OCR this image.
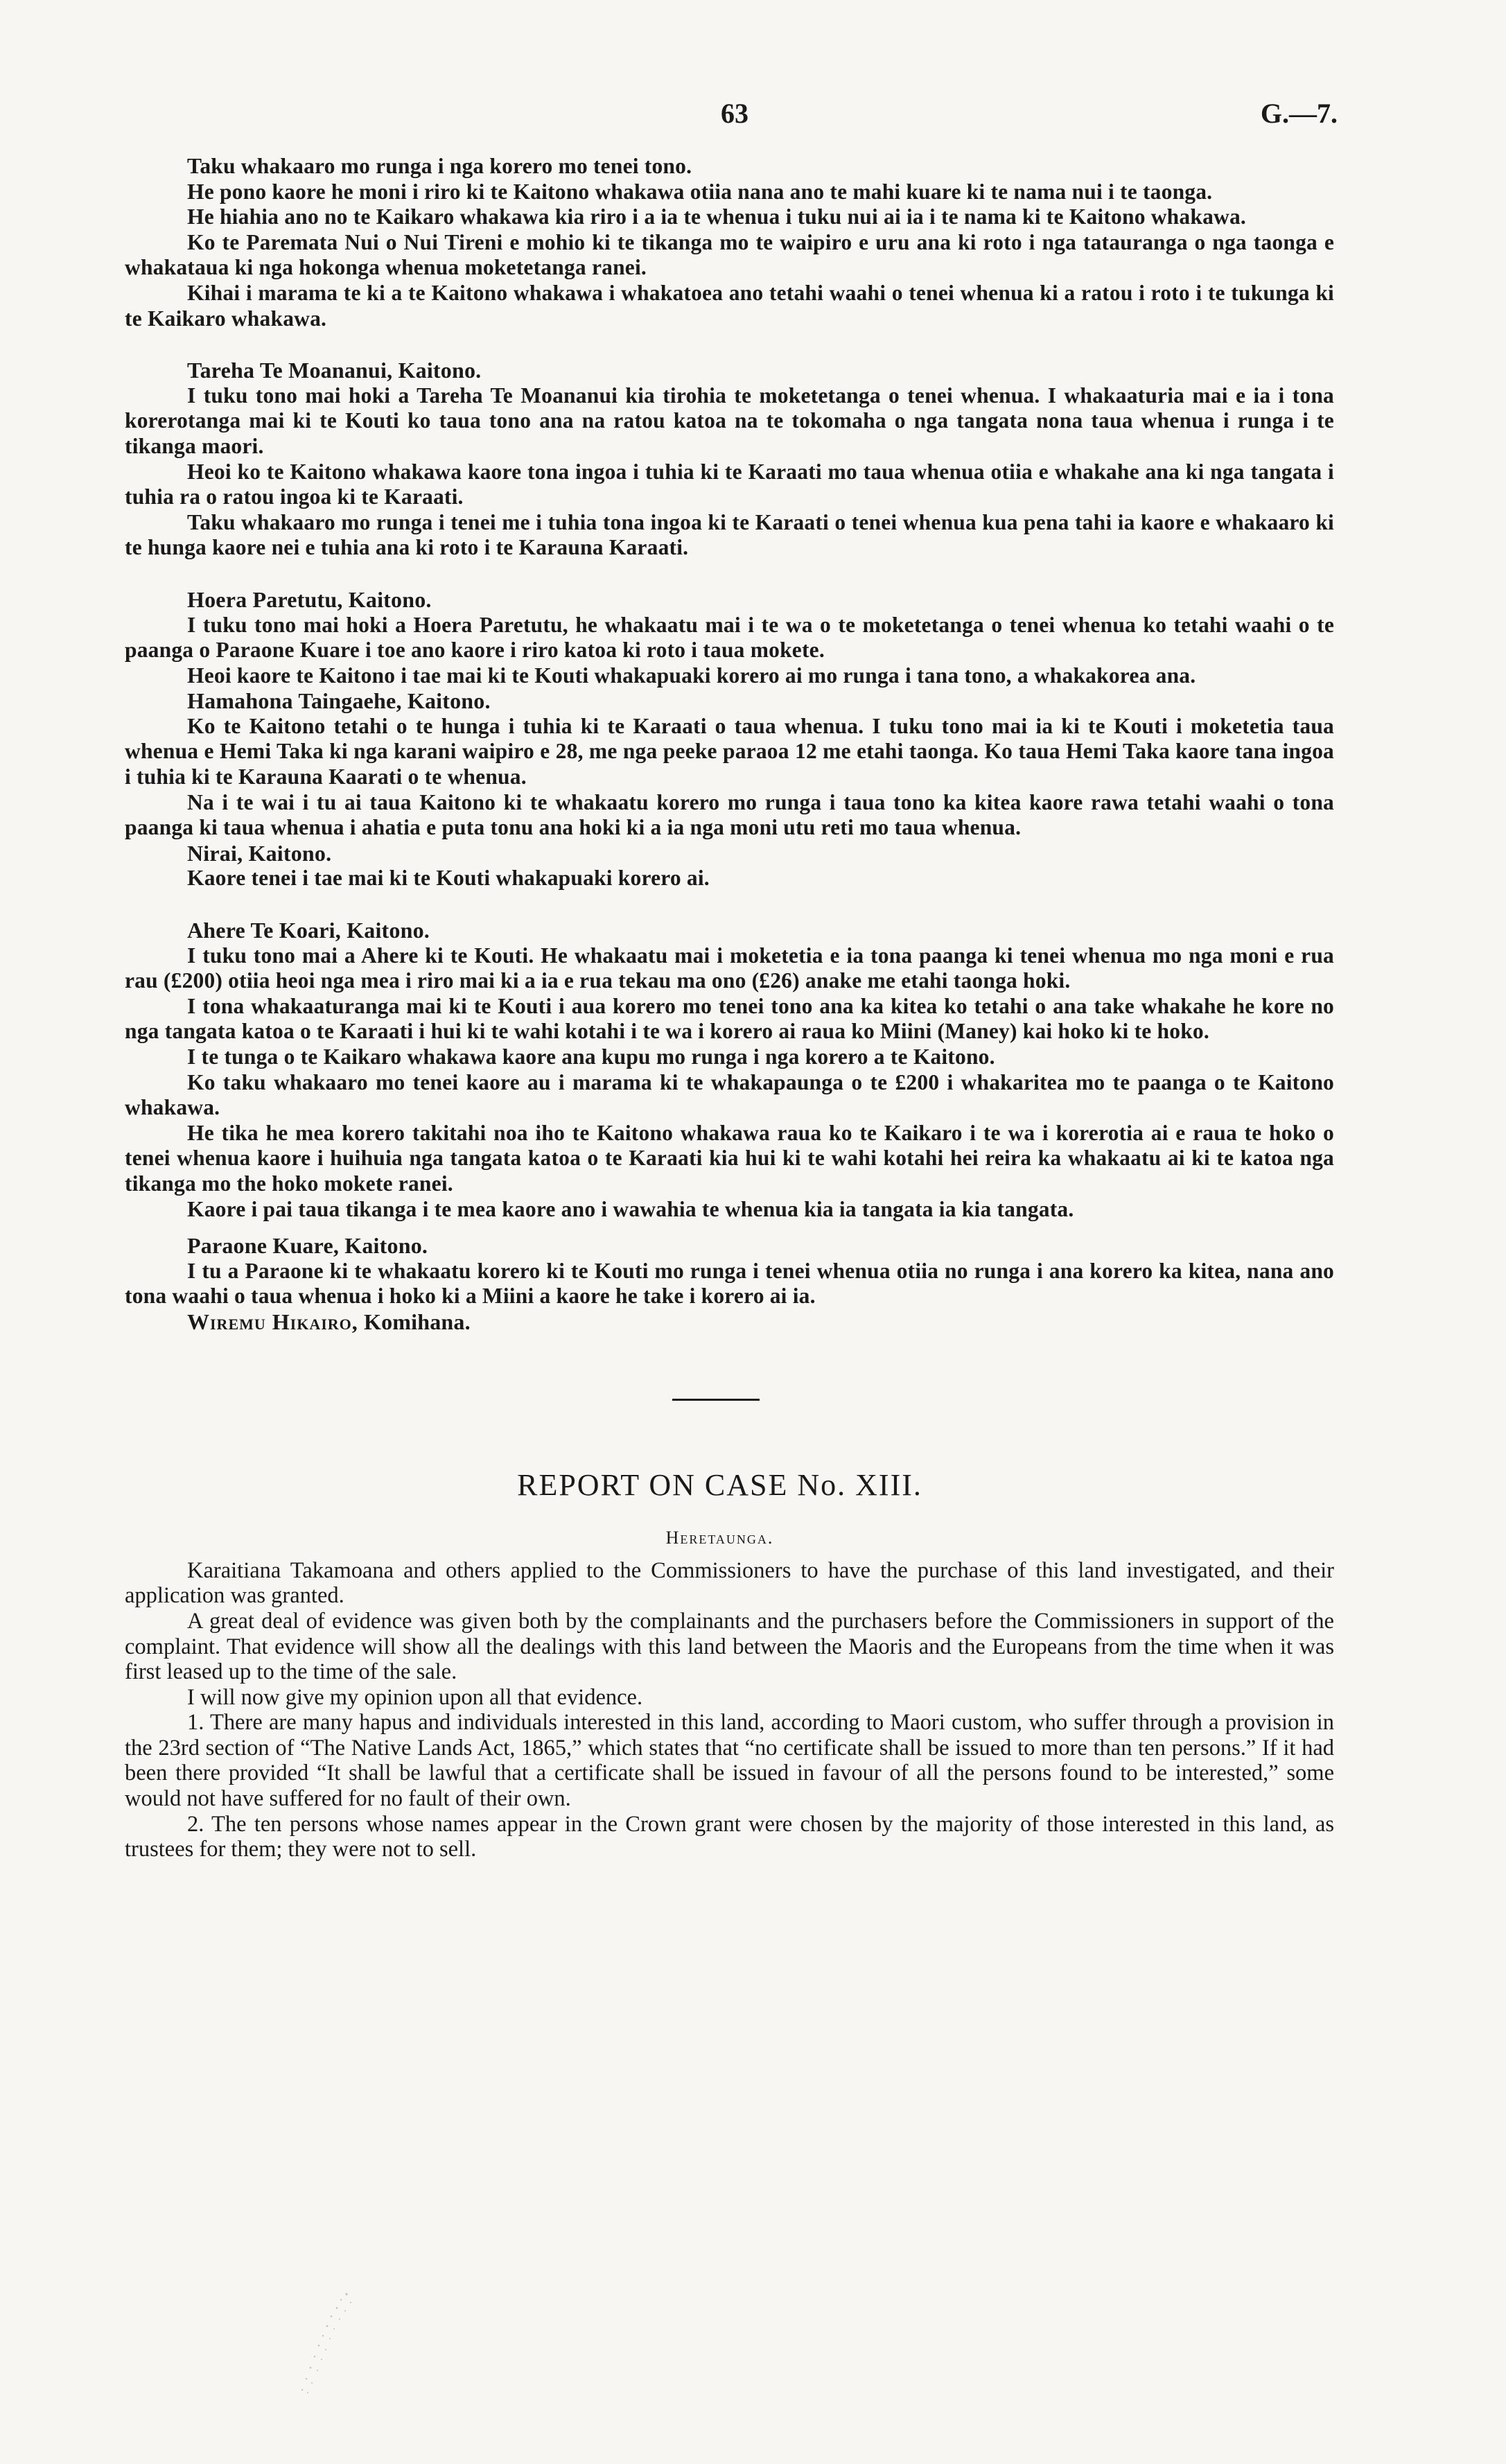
63	G.—7.

Taku whakaaro mo runga i nga korero mo tenei tono.

He pono kaore he moni i riro ki te Kaitono whakawa otiia nana ano te mahi kuare ki te nama nui i te taonga.

He hiahia ano no te Kaikaro whakawa kia riro i a ia te whenua i tuku nui ai ia i te nama ki te Kaitono whakawa.

Ko te Paremata Nui o Nui Tireni e mohio ki te tikanga mo te waipiro e uru ana ki roto i nga tatauranga o nga taonga e whakataua ki nga hokonga whenua moketetanga ranei.

Kihai i marama te ki a te Kaitono whakawa i whakatoea ano tetahi waahi o tenei whenua ki a ratou i roto i te tukunga ki te Kaikaro whakawa.

Tareha Te Moananui, Kaitono.

I tuku tono mai hoki a Tareha Te Moananui kia tirohia te moketetanga o tenei whenua. I whakaaturia mai e ia i tona korerotanga mai ki te Kouti ko taua tono ana na ratou katoa na te tokomaha o nga tangata nona taua whenua i runga i te tikanga maori.

Heoi ko te Kaitono whakawa kaore tona ingoa i tuhia ki te Karaati mo taua whenua otiia e whakahe ana ki nga tangata i tuhia ra o ratou ingoa ki te Karaati.

Taku whakaaro mo runga i tenei me i tuhia tona ingoa ki te Karaati o tenei whenua kua pena tahi ia kaore e whakaaro ki te hunga kaore nei e tuhia ana ki roto i te Karauna Karaati.

Hoera Paretutu, Kaitono.

I tuku tono mai hoki a Hoera Paretutu, he whakaatu mai i te wa o te moketetanga o tenei whenua ko tetahi waahi o te paanga o Paraone Kuare i toe ano kaore i riro katoa ki roto i taua mokete.

Heoi kaore te Kaitono i tae mai ki te Kouti whakapuaki korero ai mo runga i tana tono, a whakakorea ana.

Hamahona Taingaehe, Kaitono.

Ko te Kaitono tetahi o te hunga i tuhia ki te Karaati o taua whenua. I tuku tono mai ia ki te Kouti i moketetia taua whenua e Hemi Taka ki nga karani waipiro e 28, me nga peeke paraoa 12 me etahi taonga. Ko taua Hemi Taka kaore tana ingoa i tuhia ki te Karauna Kaarati o te whenua.

Na i te wai i tu ai taua Kaitono ki te whakaatu korero mo runga i taua tono ka kitea kaore rawa tetahi waahi o tona paanga ki taua whenua i ahatia e puta tonu ana hoki ki a ia nga moni utu reti mo taua whenua.

Nirai, Kaitono.

Kaore tenei i tae mai ki te Kouti whakapuaki korero ai.

Ahere Te Koari, Kaitono.

I tuku tono mai a Ahere ki te Kouti. He whakaatu mai i moketetia e ia tona paanga ki tenei whenua mo nga moni e rua rau (£200) otiia heoi nga mea i riro mai ki a ia e rua tekau ma ono (£26) anake me etahi taonga hoki.

I tona whakaaturanga mai ki te Kouti i aua korero mo tenei tono ana ka kitea ko tetahi o ana take whakahe he kore no nga tangata katoa o te Karaati i hui ki te wahi kotahi i te wa i korero ai raua ko Miini (Maney) kai hoko ki te hoko.

I te tunga o te Kaikaro whakawa kaore ana kupu mo runga i nga korero a te Kaitono.

Ko taku whakaaro mo tenei kaore au i marama ki te whakapaunga o te £200 i whakaritea mo te paanga o te Kaitono whakawa.

He tika he mea korero takitahi noa iho te Kaitono whakawa raua ko te Kaikaro i te wa i korerotia ai e raua te hoko o tenei whenua kaore i huihuia nga tangata katoa o te Karaati kia hui ki te wahi kotahi hei reira ka whakaatu ai ki te katoa nga tikanga mo the hoko mokete ranei.

Kaore i pai taua tikanga i te mea kaore ano i wawahia te whenua kia ia tangata ia kia tangata.

Paraone Kuare, Kaitono.

I tu a Paraone ki te whakaatu korero ki te Kouti mo runga i tenei whenua otiia no runga i ana korero ka kitea, nana ano tona waahi o taua whenua i hoko ki a Miini a kaore he take i korero ai ia.

Wiremu Hikairo, Komihana.

REPORT ON CASE No. XIII.
Heretaunga.

Karaitiana Takamoana and others applied to the Commissioners to have the purchase of this land investigated, and their application was granted.

A great deal of evidence was given both by the complainants and the purchasers before the Commissioners in support of the complaint. That evidence will show all the dealings with this land between the Maoris and the Europeans from the time when it was first leased up to the time of the sale.

I will now give my opinion upon all that evidence.

1. There are many hapus and individuals interested in this land, according to Maori custom, who suffer through a provision in the 23rd section of “The Native Lands Act, 1865,” which states that “no certificate shall be issued to more than ten persons.” If it had been there provided “It shall be lawful that a certificate shall be issued in favour of all the persons found to be interested,” some would not have suffered for no fault of their own.

2. The ten persons whose names appear in the Crown grant were chosen by the majority of those interested in this land, as trustees for them; they were not to sell.
